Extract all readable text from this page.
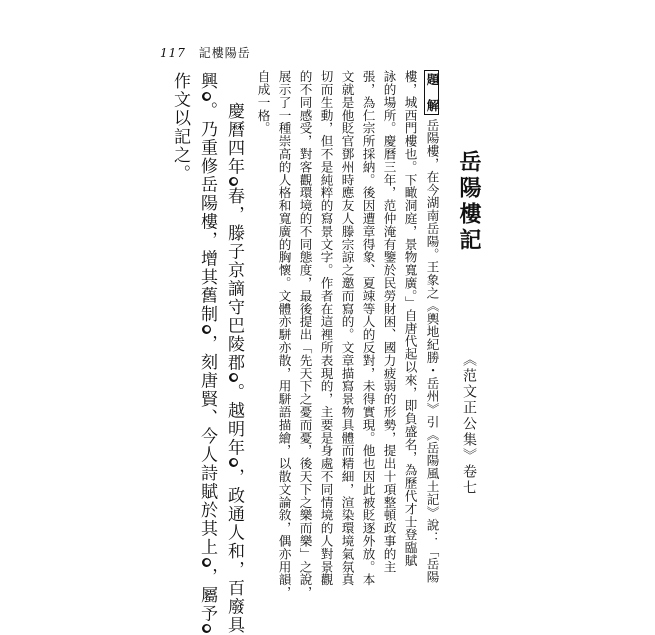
117 記樓陽岳
岳陽樓記
《范文正公集》卷七
題　解岳陽樓，在今湖南岳陽。王象之《輿地紀勝・岳州》引《岳陽風土記》說：「岳陽
樓，城西門樓也。下瞰洞庭，景物寬廣。」自唐代起以來，即負盛名，為歷代才士登臨賦
詠的場所。慶曆三年，范仲淹有鑒於民勞財困、國力疲弱的形勢，提出十項整頓政事的主
張，為仁宗所採納。後因遭章得象、夏竦等人的反對，未得實現。他也因此被貶逐外放。本
文就是他貶官鄧州時應友人滕宗諒之邀而寫的。文章描寫景物具體而精細，渲染環境氣氛真
切而生動，但不是純粹的寫景文字。作者在這裡所表現的，主要是身處不同情境的人對景觀
的不同感受，對客觀環境的不同態度，最後提出「先天下之憂而憂，後天下之樂而樂」之說，
展示了一種崇高的人格和寬廣的胸懷。文體亦駢亦散，用駢語描繪，以散文論敘，偶亦用韻，
自成一格。
慶曆四年●春，滕子京謫守巴陵郡●。越明年●，政通人和，百廢具
興●。乃重修岳陽樓，增其舊制●，刻唐賢、今人詩賦於其上●，屬予●
作文以記之。
